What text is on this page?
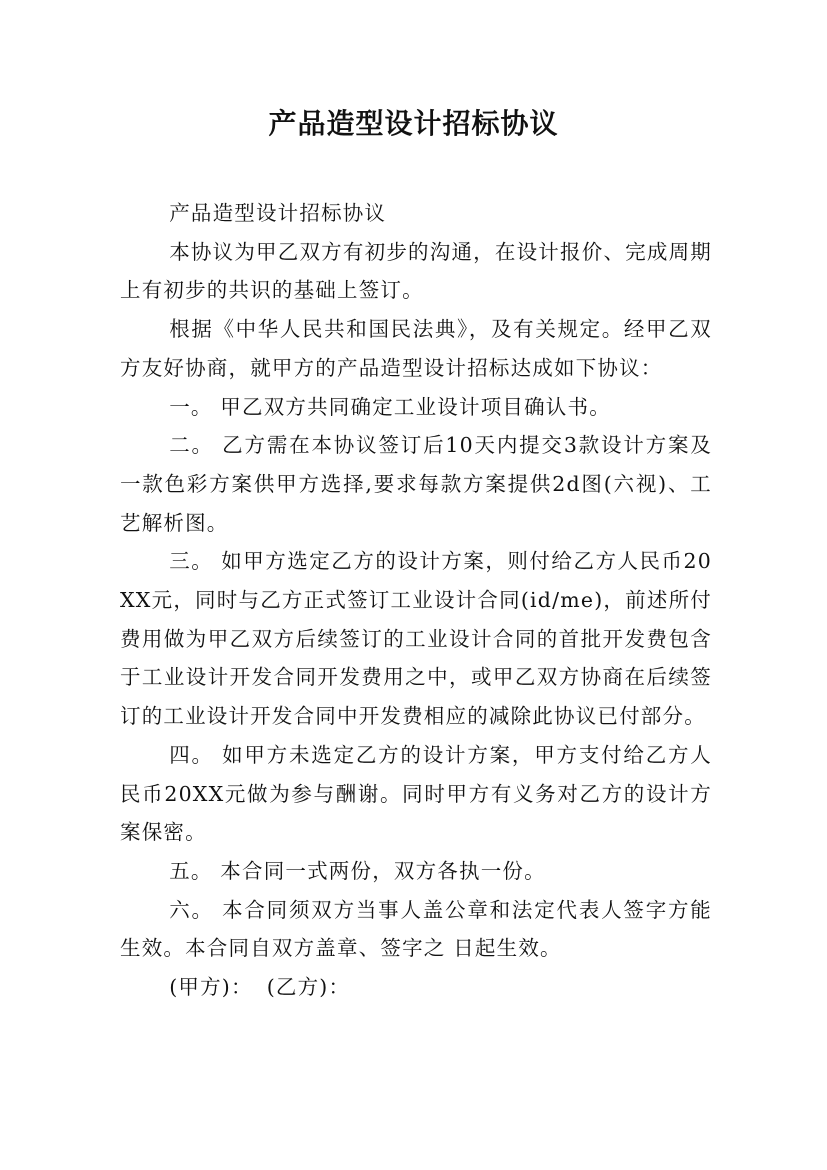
产品造型设计招标协议

产品造型设计招标协议

本协议为甲乙双方有初步的沟通，在设计报价、完成周期上有初步的共识的基础上签订。

根据《中华人民共和国民法典》，及有关规定。经甲乙双方友好协商，就甲方的产品造型设计招标达成如下协议：

一。 甲乙双方共同确定工业设计项目确认书。

二。 乙方需在本协议签订后10天内提交3款设计方案及一款色彩方案供甲方选择,要求每款方案提供2d图(六视)、工艺解析图。

三。 如甲方选定乙方的设计方案，则付给乙方人民币20XX元，同时与乙方正式签订工业设计合同(id/me)，前述所付费用做为甲乙双方后续签订的工业设计合同的首批开发费包含于工业设计开发合同开发费用之中，或甲乙双方协商在后续签订的工业设计开发合同中开发费相应的减除此协议已付部分。

四。 如甲方未选定乙方的设计方案，甲方支付给乙方人民币20XX元做为参与酬谢。同时甲方有义务对乙方的设计方案保密。

五。 本合同一式两份，双方各执一份。

六。 本合同须双方当事人盖公章和法定代表人签字方能生效。本合同自双方盖章、签字之 日起生效。

(甲方)： (乙方)：
